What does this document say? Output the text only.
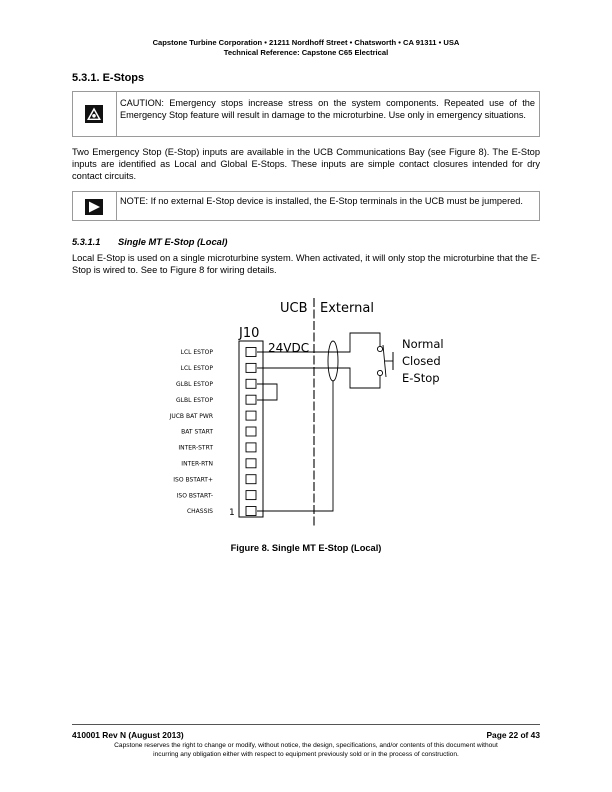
Capstone Turbine Corporation • 21211 Nordhoff Street • Chatsworth • CA 91311 • USA
Technical Reference: Capstone C65 Electrical
5.3.1. E-Stops
CAUTION: Emergency stops increase stress on the system components. Repeated use of the Emergency Stop feature will result in damage to the microturbine. Use only in emergency situations.
Two Emergency Stop (E-Stop) inputs are available in the UCB Communications Bay (see Figure 8). The E-Stop inputs are identified as Local and Global E-Stops. These inputs are simple contact closures intended for dry contact circuits.
NOTE: If no external E-Stop device is installed, the E-Stop terminals in the UCB must be jumpered.
5.3.1.1 Single MT E-Stop (Local)
Local E-Stop is used on a single microturbine system. When activated, it will only stop the microturbine that the E-Stop is wired to. See to Figure 8 for wiring details.
UCB External
J10
24VDC
LCL ESTOP
LCL ESTOP
GLBL ESTOP
GLBL ESTOP
JUCB BAT PWR
BAT START
INTER-STRT
INTER-RTN
ISO BSTART+
ISO BSTART-
CHASSIS 1
Normal
Closed
E-Stop
Figure 8. Single MT E-Stop (Local)
410001 Rev N (August 2013)	Page 22 of 43
Capstone reserves the right to change or modify, without notice, the design, specifications, and/or contents of this document without
incurring any obligation either with respect to equipment previously sold or in the process of construction.
